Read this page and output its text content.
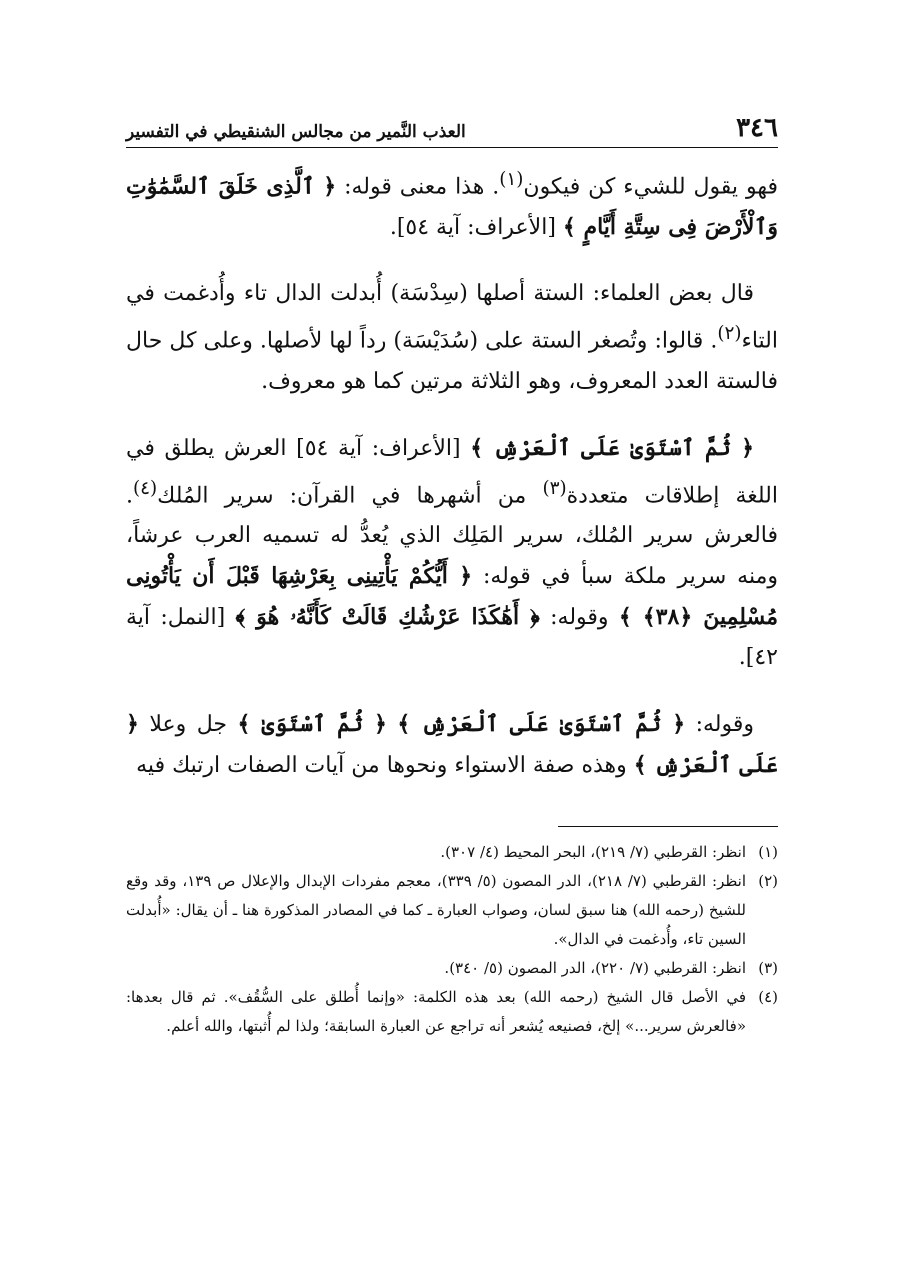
٣٤٦
العذب النَّمير من مجالس الشنقيطي في التفسير

فهو يقول للشيء كن فيكون$^{(١)}$. هذا معنى قوله: ﴿ ٱلَّذِى خَلَقَ ٱلسَّمَٰوَٰتِ وَٱلْأَرْضَ فِى سِتَّةِ أَيَّامٍ ﴾ [الأعراف: آية ٥٤].

قال بعض العلماء: الستة أصلها (سِدْسَة) أُبدلت الدال تاء وأُدغمت في التاء$^{(٢)}$. قالوا: وتُصغر الستة على (سُدَيْسَة) رداً لها لأصلها. وعلى كل حال فالستة العدد المعروف، وهو الثلاثة مرتين كما هو معروف.

﴿ ثُمَّ ٱسْتَوَىٰ عَلَى ٱلْعَرْشِ ﴾ [الأعراف: آية ٥٤] العرش يطلق في اللغة إطلاقات متعددة$^{(٣)}$ من أشهرها في القرآن: سرير المُلك$^{(٤)}$. فالعرش سرير المُلك، سرير المَلِك الذي يُعدُّ له تسميه العرب عرشاً، ومنه سرير ملكة سبأ في قوله: ﴿ أَيُّكُمْ يَأْتِينِى بِعَرْشِهَا قَبْلَ أَن يَأْتُونِى مُسْلِمِينَ ﴿٣٨﴾ ﴾ وقوله: ﴿ أَهَٰكَذَا عَرْشُكِ قَالَتْ كَأَنَّهُۥ هُوَ ﴾ [النمل: آية ٤٢].

وقوله: ﴿ ثُمَّ ٱسْتَوَىٰ عَلَى ٱلْعَرْشِ ﴾ ﴿ ثُمَّ ٱسْتَوَىٰ ﴾ جل وعلا ﴿ عَلَى ٱلْعَرْشِ ﴾ وهذه صفة الاستواء ونحوها من آيات الصفات ارتبك فيه

(١)
انظر: القرطبي (٧/ ٢١٩)، البحر المحيط (٤/ ٣٠٧).
(٢)
انظر: القرطبي (٧/ ٢١٨)، الدر المصون (٥/ ٣٣٩)، معجم مفردات الإبدال والإعلال ص ١٣٩، وقد وقع للشيخ (رحمه الله) هنا سبق لسان، وصواب العبارة ـ كما في المصادر المذكورة هنا ـ أن يقال: «أُبدلت السين تاء، وأُدغمت في الدال».
(٣)
انظر: القرطبي (٧/ ٢٢٠)، الدر المصون (٥/ ٣٤٠).
(٤)
في الأصل قال الشيخ (رحمه الله) بعد هذه الكلمة: «وإنما أُطلق على السُّقُف». ثم قال بعدها: «فالعرش سرير...» إلخ، فصنيعه يُشعر أنه تراجع عن العبارة السابقة؛ ولذا لم أُثبتها، والله أعلم.
